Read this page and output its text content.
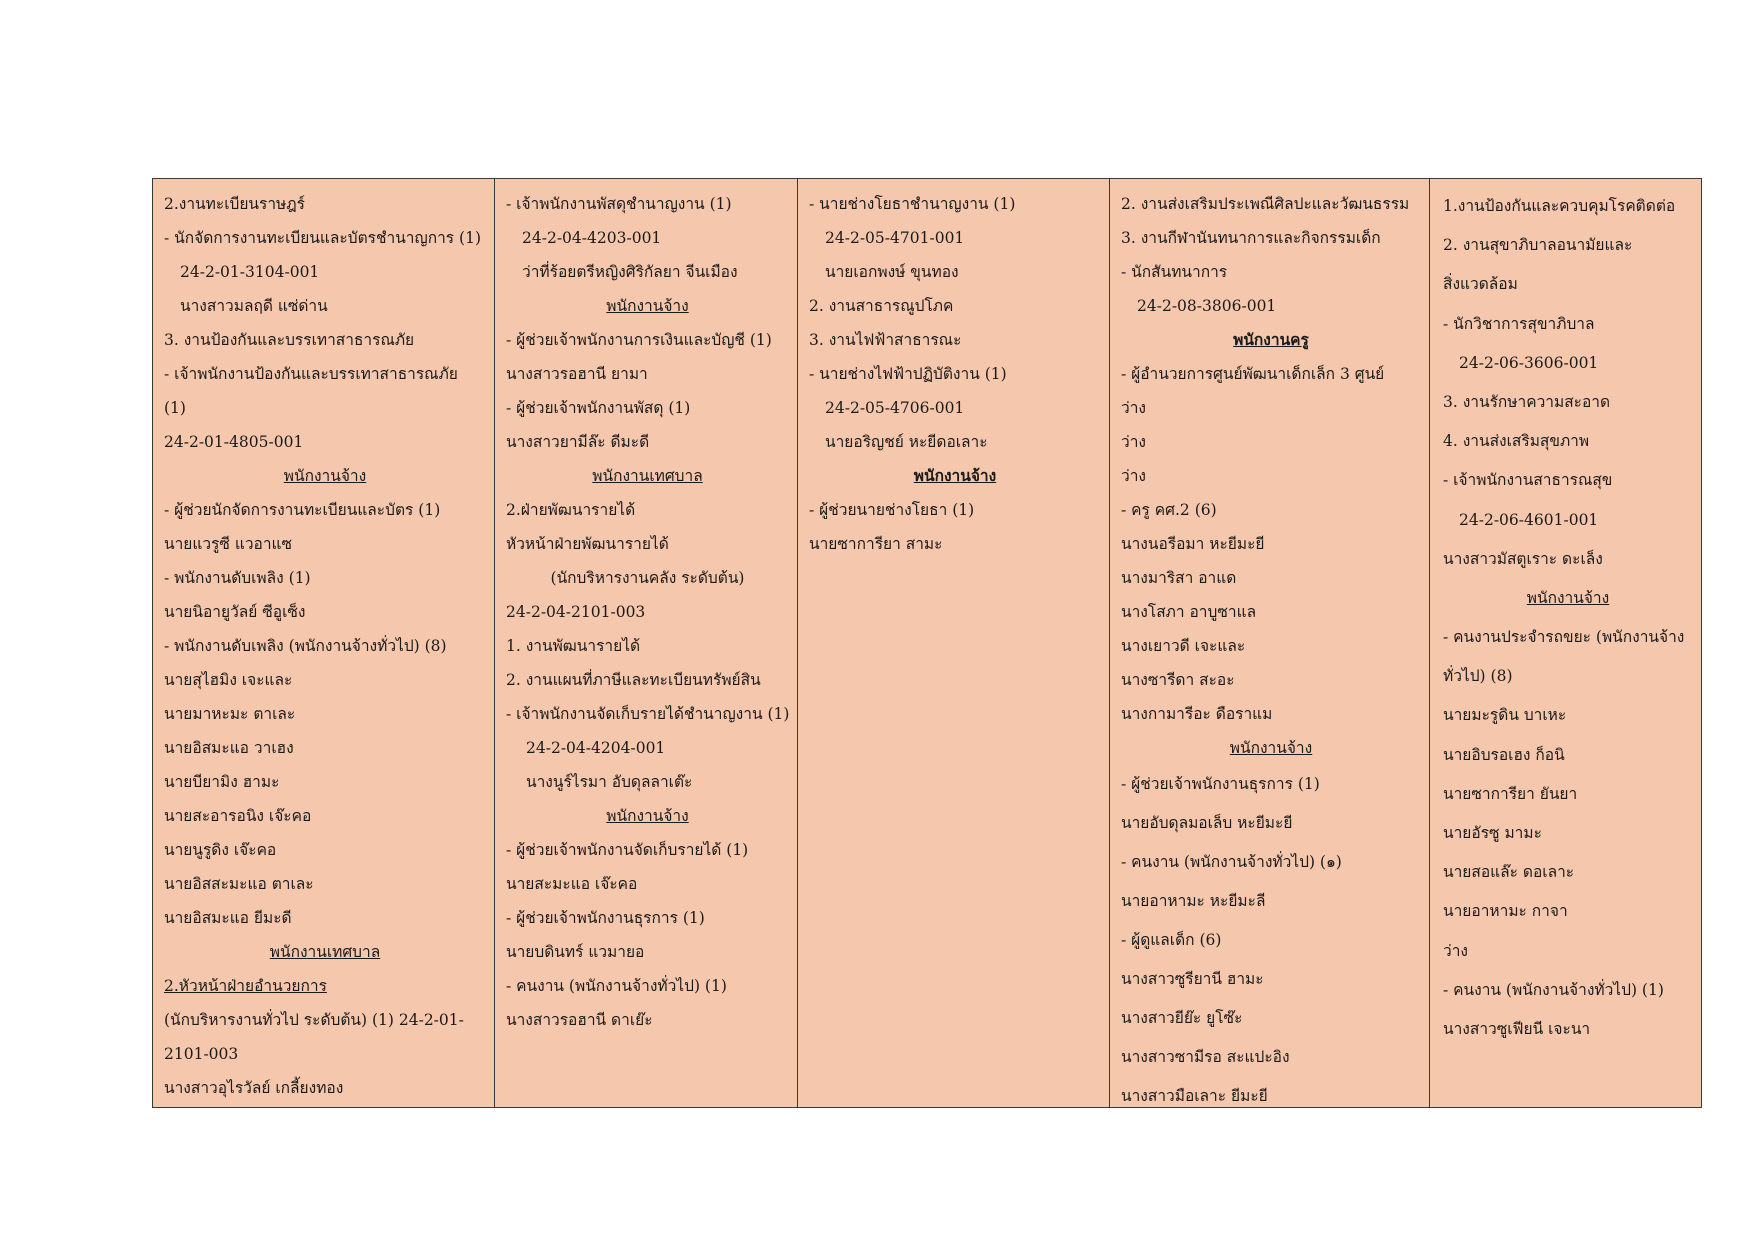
2.งานทะเบียนราษฎร์
- นักจัดการงานทะเบียนและบัตรชำนาญการ (1)
24-2-01-3104-001
นางสาวมลฤดี แซ่ด่าน
3. งานป้องกันและบรรเทาสาธารณภัย
- เจ้าพนักงานป้องกันและบรรเทาสาธารณภัย
(1)
24-2-01-4805-001
พนักงานจ้าง
- ผู้ช่วยนักจัดการงานทะเบียนและบัตร (1)
นายแวรูซี แวอาแซ
- พนักงานดับเพลิง (1)
นายนิอายูวัลย์ ซีอูเซ็ง
- พนักงานดับเพลิง (พนักงานจ้างทั่วไป) (8)
นายสุไฮมิง เจะและ
นายมาหะมะ ตาเละ
นายอิสมะแอ วาเฮง
นายบียามิง ฮามะ
นายสะอารอนิง เจ๊ะคอ
นายนูรูดิง เจ๊ะคอ
นายอิสสะมะแอ ตาเละ
นายอิสมะแอ ยีมะดี
พนักงานเทศบาล
2.หัวหน้าฝ่ายอำนวยการ
(นักบริหารงานทั่วไป ระดับต้น) (1) 24-2-01-
2101-003
นางสาวอุไรวัลย์ เกลี้ยงทอง
- เจ้าพนักงานพัสดุชำนาญงาน (1)
24-2-04-4203-001
ว่าที่ร้อยตรีหญิงศิริกัลยา จีนเมือง
พนักงานจ้าง
- ผู้ช่วยเจ้าพนักงานการเงินและบัญชี (1)
นางสาวรอฮานี ยามา
- ผู้ช่วยเจ้าพนักงานพัสดุ (1)
นางสาวยามีล๊ะ ดีมะดี
พนักงานเทศบาล
2.ฝ่ายพัฒนารายได้
หัวหน้าฝ่ายพัฒนารายได้
(นักบริหารงานคลัง ระดับต้น)
24-2-04-2101-003
1. งานพัฒนารายได้
2. งานแผนที่ภาษีและทะเบียนทรัพย์สิน
- เจ้าพนักงานจัดเก็บรายได้ชำนาญงาน (1)
24-2-04-4204-001
นางนูร์ไรมา อับดุลลาเต๊ะ
พนักงานจ้าง
- ผู้ช่วยเจ้าพนักงานจัดเก็บรายได้ (1)
นายสะมะแอ เจ๊ะคอ
- ผู้ช่วยเจ้าพนักงานธุรการ (1)
นายบดินทร์ แวมายอ
- คนงาน (พนักงานจ้างทั่วไป) (1)
นางสาวรอฮานี ดาเย๊ะ
- นายช่างโยธาชำนาญงาน (1)
24-2-05-4701-001
นายเอกพงษ์ ขุนทอง
2. งานสาธารณูปโภค
3. งานไฟฟ้าสาธารณะ
- นายช่างไฟฟ้าปฏิบัติงาน (1)
24-2-05-4706-001
นายอริญชย์ หะยีดอเลาะ
พนักงานจ้าง
- ผู้ช่วยนายช่างโยธา (1)
นายซาการียา สามะ
2. งานส่งเสริมประเพณีศิลปะและวัฒนธรรม
3. งานกีฬานันทนาการและกิจกรรมเด็ก
- นักสันทนาการ
24-2-08-3806-001
พนักงานครู
- ผู้อำนวยการศูนย์พัฒนาเด็กเล็ก 3 ศูนย์
ว่าง
ว่าง
ว่าง
- ครู คศ.2 (6)
นางนอรีอมา หะยีมะยี
นางมาริสา อาแด
นางโสภา อาบูซาแล
นางเยาวดี เจะและ
นางซารีดา สะอะ
นางกามารีอะ ดือราแม
พนักงานจ้าง
- ผู้ช่วยเจ้าพนักงานธุรการ (1)
นายอับดุลมอเล็บ หะยีมะยี
- คนงาน (พนักงานจ้างทั่วไป) (๑)
นายอาหามะ หะยีมะลี
- ผู้ดูแลเด็ก (6)
นางสาวซูรียานี ฮามะ
นางสาวยีย๊ะ ยูโซ๊ะ
นางสาวซามีรอ สะแปะอิง
นางสาวมือเลาะ ยีมะยี
1.งานป้องกันและควบคุมโรคติดต่อ
2. งานสุขาภิบาลอนามัยและ
สิ่งแวดล้อม
- นักวิชาการสุขาภิบาล
24-2-06-3606-001
3. งานรักษาความสะอาด
4. งานส่งเสริมสุขภาพ
- เจ้าพนักงานสาธารณสุข
24-2-06-4601-001
นางสาวมัสตูเราะ ดะเล็ง
พนักงานจ้าง
- คนงานประจำรถขยะ (พนักงานจ้าง
ทั่วไป) (8)
นายมะรูดิน บาเหะ
นายอิบรอเฮง ก็อนิ
นายซาการียา ยันยา
นายอัรซู มามะ
นายสอแล๊ะ ดอเลาะ
นายอาหามะ กาจา
ว่าง
- คนงาน (พนักงานจ้างทั่วไป) (1)
นางสาวซูเฟียนี เจะนา
